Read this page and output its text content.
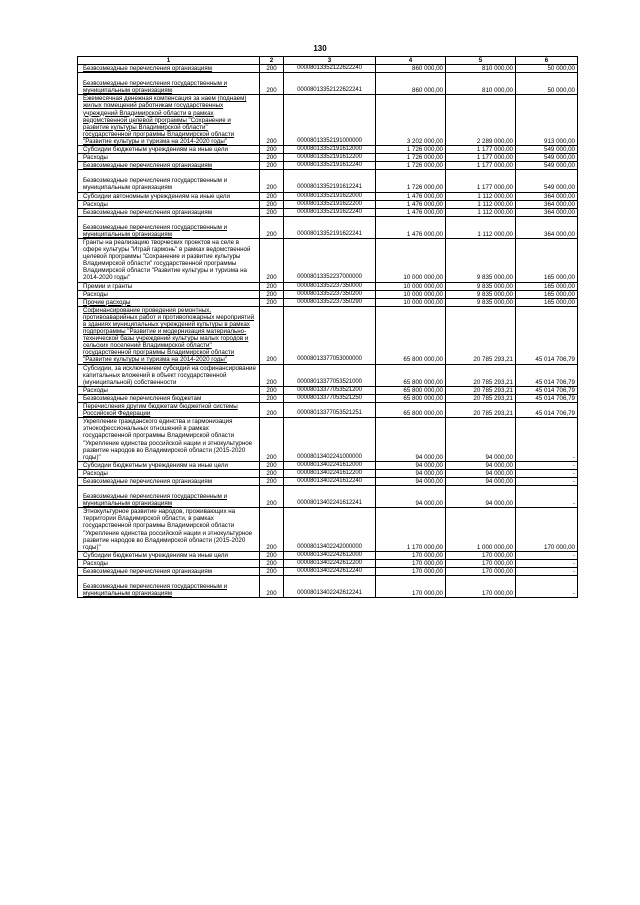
130
1	2	3	4	5	6
Безвозмездные перечисления организациям	200	00008013352122622240	860 000,00	810 000,00	50 000,00

Безвозмездные перечисления государственным и муниципальным организациям	200	00008013352122622241	860 000,00	810 000,00	50 000,00
Ежемесячная денежная компенсация за наем (поднаем) жилых помещений работникам государственных учреждений Владимирской области в рамках ведомственной целевой программы "Сохранение и развитие культуры Владимирской области" государственной программы Владимирской области "Развитие культуры и туризма на 2014-2020 годы"	200	00008013352191000000	3 202 000,00	2 289 000,00	913 000,00
Субсидии бюджетным учреждениям на иные цели	200	00008013352191612000	1 726 000,00	1 177 000,00	549 000,00
Расходы	200	00008013352191612200	1 726 000,00	1 177 000,00	549 000,00
Безвозмездные перечисления организациям	200	00008013352191612240	1 726 000,00	1 177 000,00	549 000,00

Безвозмездные перечисления государственным и муниципальным организациям	200	00008013352191612241	1 726 000,00	1 177 000,00	549 000,00
Субсидии автономным учреждениям на иные цели	200	00008013352191622000	1 476 000,00	1 112 000,00	364 000,00
Расходы	200	00008013352191622200	1 476 000,00	1 112 000,00	364 000,00
Безвозмездные перечисления организациям	200	00008013352191622240	1 476 000,00	1 112 000,00	364 000,00

Безвозмездные перечисления государственным и муниципальным организациям	200	00008013352191622241	1 476 000,00	1 112 000,00	364 000,00
Гранты на реализацию творческих проектов на селе в сфере культуры "Играй гармонь" в рамках ведомственной целевой программы "Сохранение и развитие культуры Владимирской области" государственной программы Владимирской области "Развитие культуры и туризма на 2014-2020 годы"	200	00008013352237000000	10 000 000,00	9 835 000,00	165 000,00
Премии и гранты	200	00008013352237350000	10 000 000,00	9 835 000,00	165 000,00
Расходы	200	00008013352237350200	10 000 000,00	9 835 000,00	165 000,00
Прочие расходы	200	00008013352237350290	10 000 000,00	9 835 000,00	165 000,00
Софинансирование проведения ремонтных, противоаварийных работ и противопожарных мероприятий в зданиях муниципальных учреждений культуры в рамках подпрограммы "Развитие и модернизация материально-технической базы учреждений культуры малых городов и сельских поселений Владимирской области" государственной программы Владимирской области "Развитие культуры и туризма на 2014-2020 годы"	200	00008013377053000000	65 800 000,00	20 785 293,21	45 014 706,79
Субсидии, за исключением субсидий на софинансирование капитальных вложений в объект государственной (муниципальной) собственности	200	00008013377053521000	65 800 000,00	20 785 293,21	45 014 706,79
Расходы	200	00008013377053521200	65 800 000,00	20 785 293,21	45 014 706,79
Безвозмездные перечисления бюджетам	200	00008013377053521250	65 800 000,00	20 785 293,21	45 014 706,79
Перечисления другим бюджетам бюджетной системы Российской Федерации	200	00008013377053521251	65 800 000,00	20 785 293,21	45 014 706,79
Укрепление гражданского единства и гармонизация этнокофессиональных отношений в рамках государственной программы Владимирской области "Укрепление единства российской нации и этнокультурное развитие народов во Владимирской области (2015-2020 годы)"	200	00008013402241000000	94 000,00	94 000,00	-
Субсидии бюджетным учреждениям на иные цели	200	00008013402241612000	94 000,00	94 000,00	-
Расходы	200	00008013402241612200	94 000,00	94 000,00	-
Безвозмездные перечисления организациям	200	00008013402241612240	94 000,00	94 000,00	-

Безвозмездные перечисления государственным и муниципальным организациям	200	00008013402241612241	94 000,00	94 000,00	-
Этнокультурное развитие народов, проживающих на территории Владимирской области, в рамках государственной программы Владимирской области "Укрепление единства российской нации и этнокультурное развитие народов во Владимирской области (2015-2020 годы)"	200	00008013402242000000	1 170 000,00	1 000 000,00	170 000,00
Субсидии бюджетным учреждениям на иные цели	200	00008013402242612000	170 000,00	170 000,00	-
Расходы	200	00008013402242612200	170 000,00	170 000,00	-
Безвозмездные перечисления организациям	200	00008013402242612240	170 000,00	170 000,00	-

Безвозмездные перечисления государственным и муниципальным организациям	200	00008013402242612241	170 000,00	170 000,00	-
